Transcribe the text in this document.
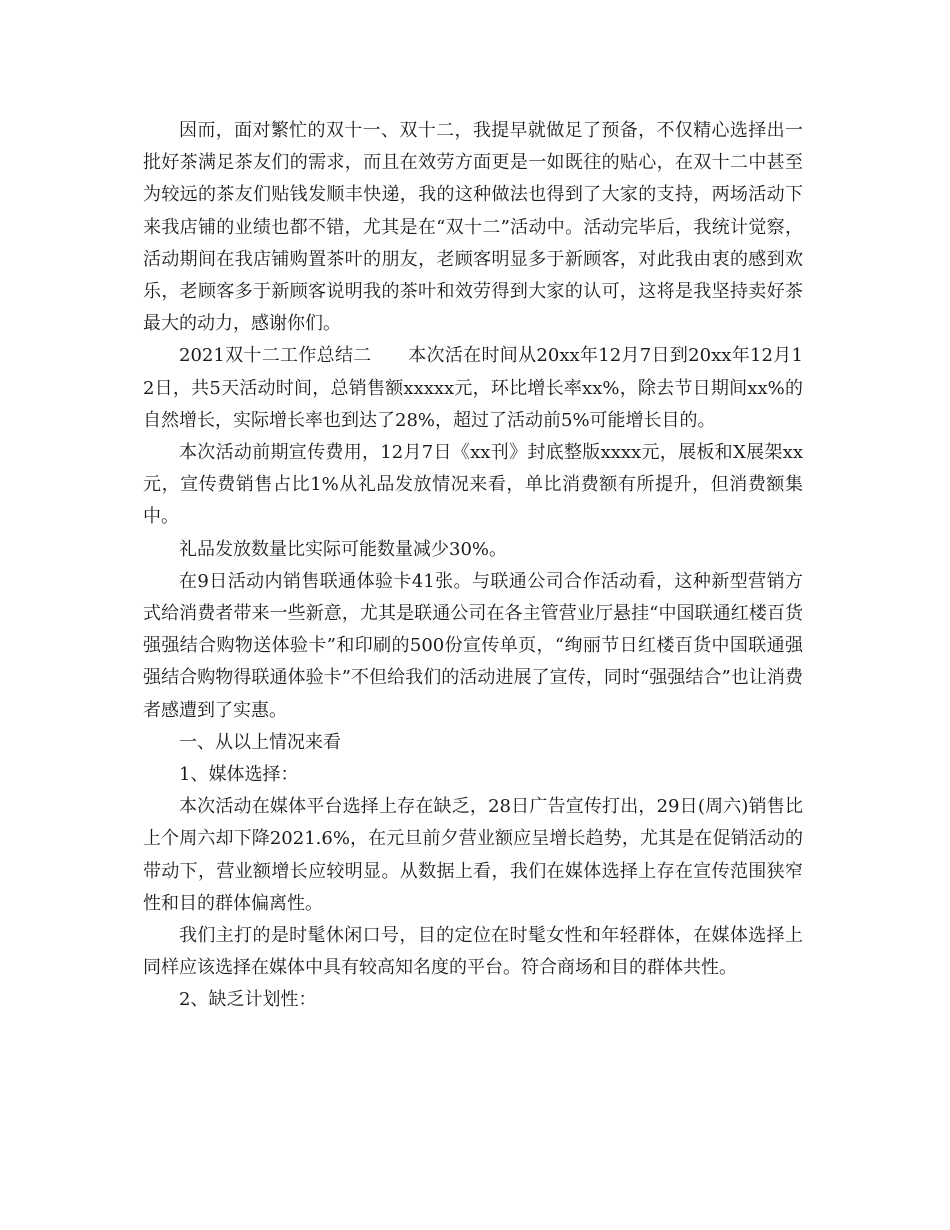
因而，面对繁忙的双十一、双十二，我提早就做足了预备，不仅精心选择出一批好茶满足茶友们的需求，而且在效劳方面更是一如既往的贴心，在双十二中甚至为较远的茶友们贴钱发顺丰快递，我的这种做法也得到了大家的支持，两场活动下来我店铺的业绩也都不错，尤其是在“双十二”活动中。活动完毕后，我统计觉察，活动期间在我店铺购置茶叶的朋友，老顾客明显多于新顾客，对此我由衷的感到欢乐，老顾客多于新顾客说明我的茶叶和效劳得到大家的认可，这将是我坚持卖好茶最大的动力，感谢你们。

2021双十二工作总结二　　本次活在时间从20xx年12月7日到20xx年12月12日，共5天活动时间，总销售额xxxxx元，环比增长率xx%，除去节日期间xx%的自然增长，实际增长率也到达了28%，超过了活动前5%可能增长目的。

本次活动前期宣传费用，12月7日《xx刊》封底整版xxxx元，展板和X展架xx元，宣传费销售占比1%从礼品发放情况来看，单比消费额有所提升，但消费额集中。

礼品发放数量比实际可能数量减少30%。

在9日活动内销售联通体验卡41张。与联通公司合作活动看，这种新型营销方式给消费者带来一些新意，尤其是联通公司在各主管营业厅悬挂“中国联通红楼百货强强结合购物送体验卡”和印刷的500份宣传单页，“绚丽节日红楼百货中国联通强强结合购物得联通体验卡”不但给我们的活动进展了宣传，同时“强强结合”也让消费者感遭到了实惠。

一、从以上情况来看

1、媒体选择：

本次活动在媒体平台选择上存在缺乏，28日广告宣传打出，29日(周六)销售比上个周六却下降2021.6%，在元旦前夕营业额应呈增长趋势，尤其是在促销活动的带动下，营业额增长应较明显。从数据上看，我们在媒体选择上存在宣传范围狭窄性和目的群体偏离性。

我们主打的是时髦休闲口号，目的定位在时髦女性和年轻群体，在媒体选择上同样应该选择在媒体中具有较高知名度的平台。符合商场和目的群体共性。

2、缺乏计划性：
